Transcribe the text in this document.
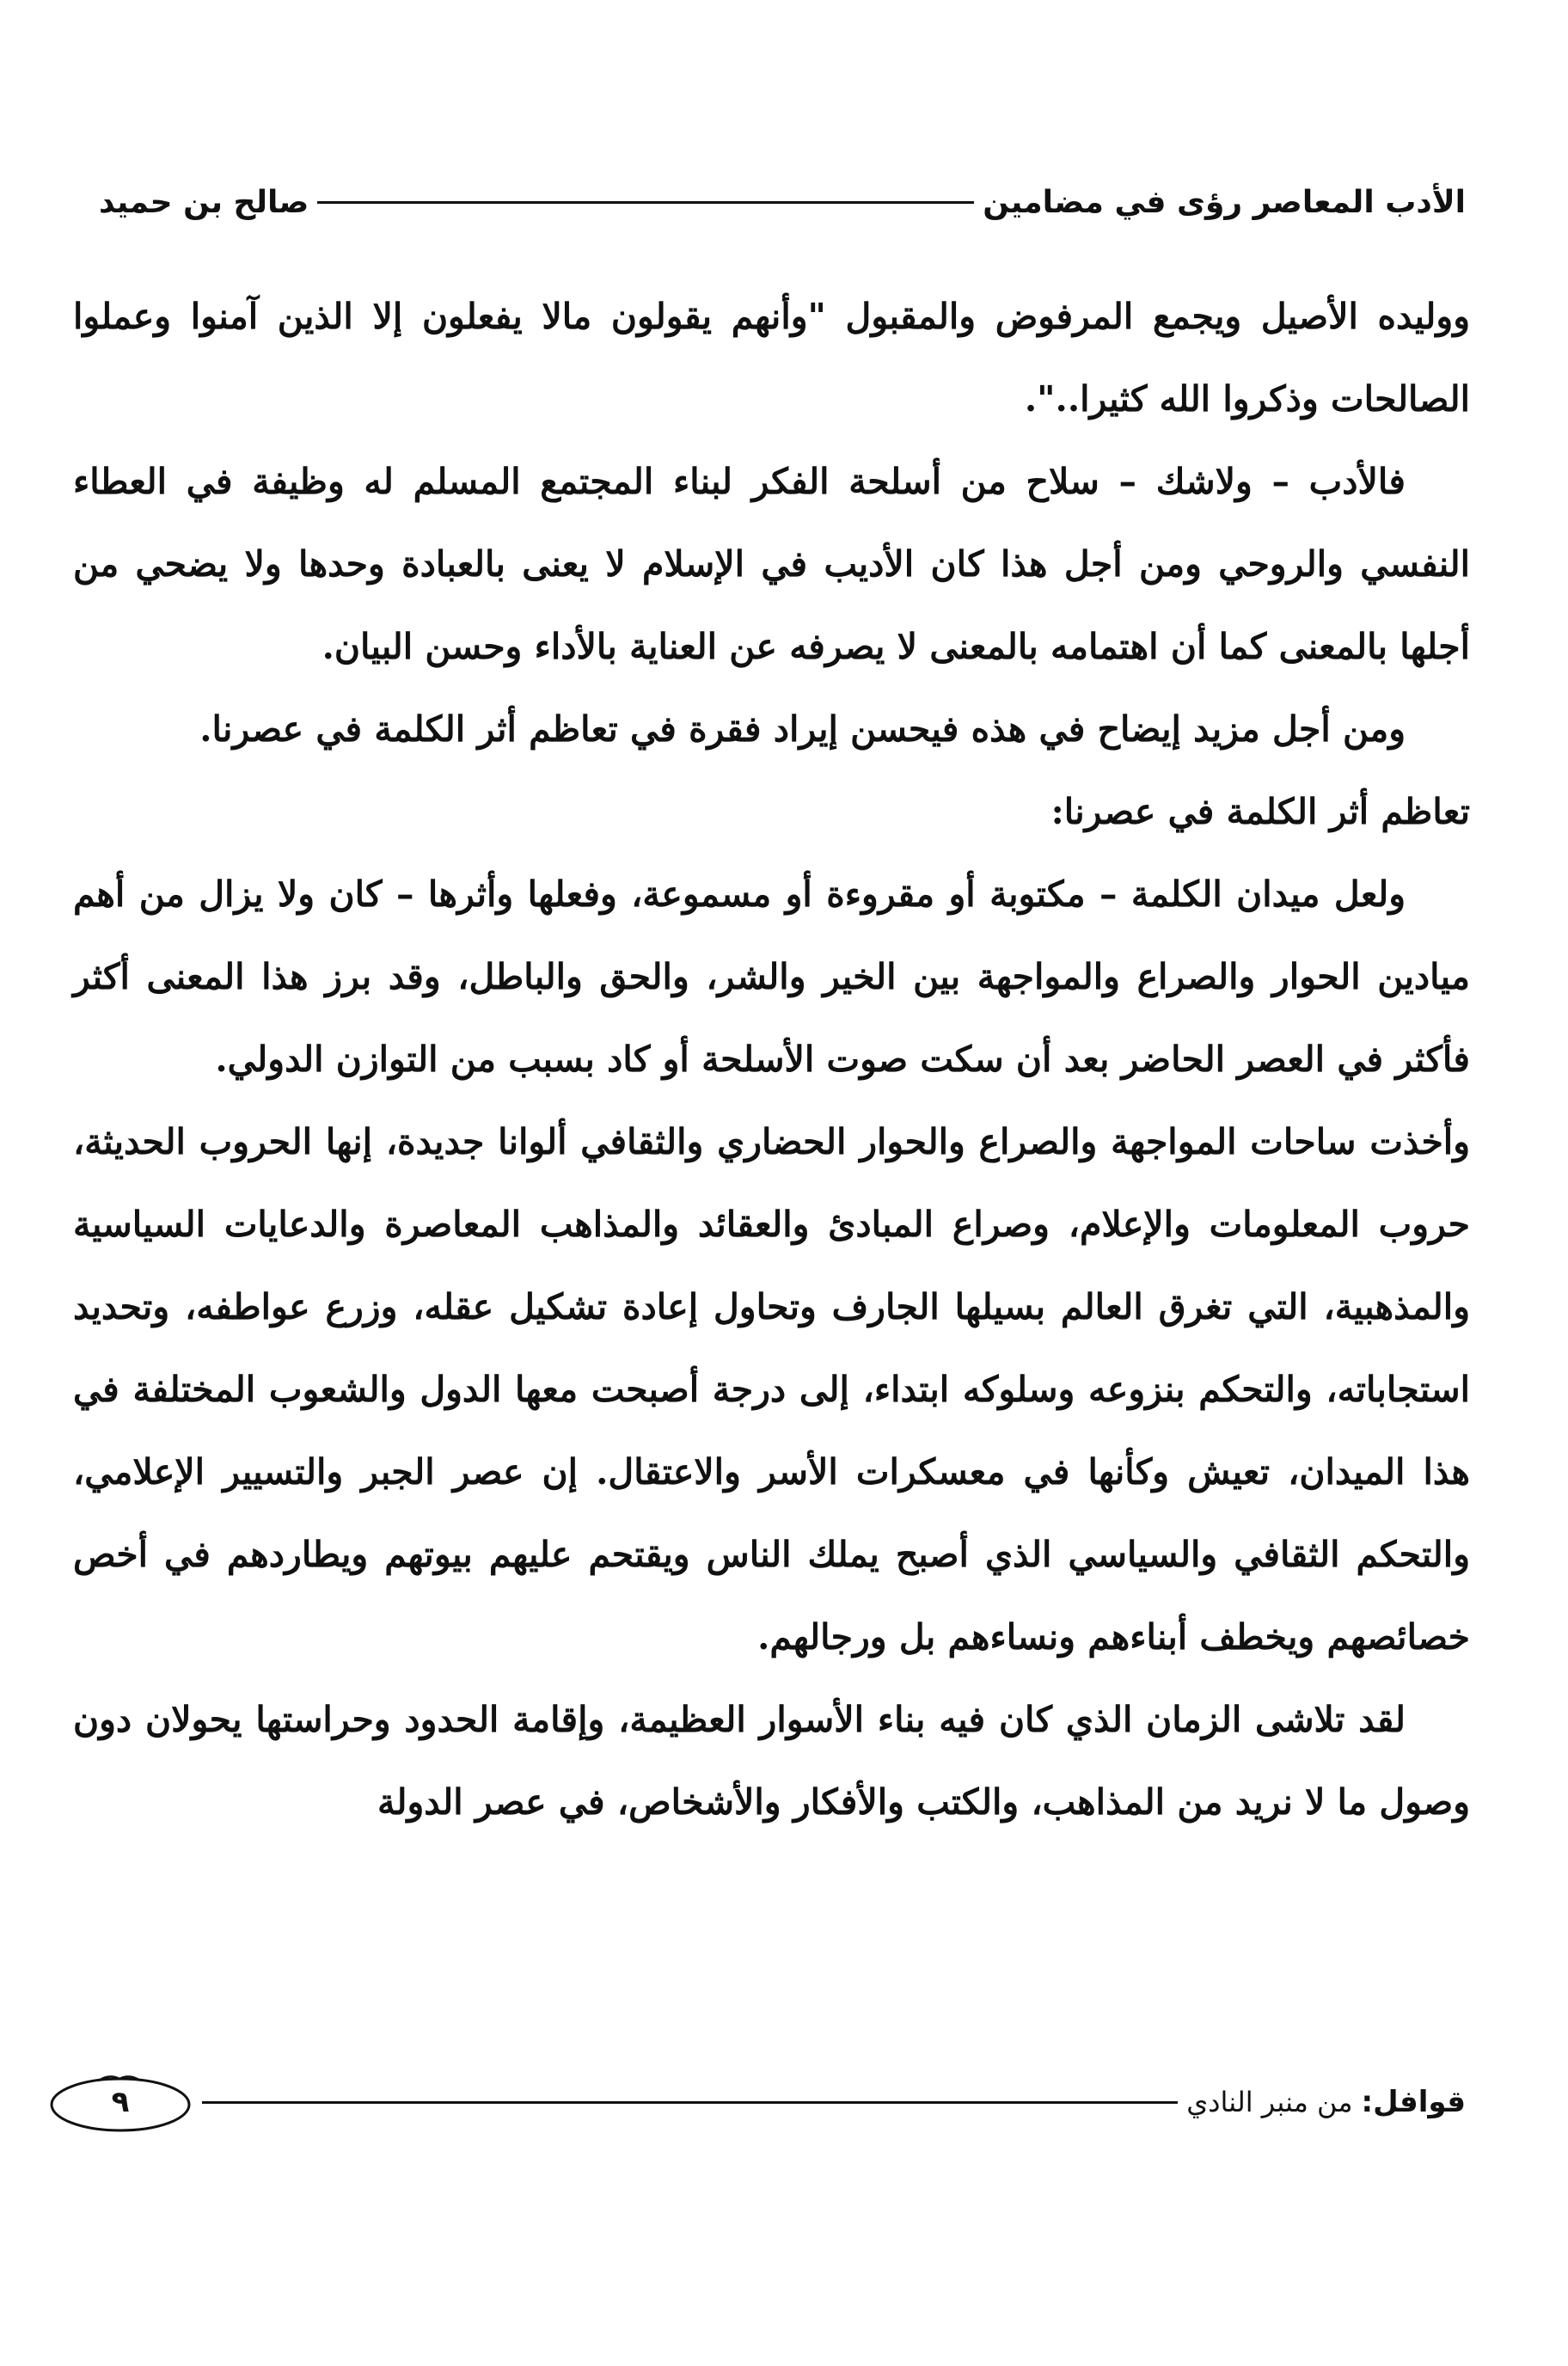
الأدب المعاصر رؤى في مضامين
صالح بن حميد

ووليده الأصيل ويجمع المرفوض والمقبول "وأنهم يقولون مالا يفعلون إلا الذين آمنوا وعملوا الصالحات وذكروا الله كثيرا..".

فالأدب – ولاشك – سلاح من أسلحة الفكر لبناء المجتمع المسلم له وظيفة في العطاء النفسي والروحي ومن أجل هذا كان الأديب في الإسلام لا يعنى بالعبادة وحدها ولا يضحي من أجلها بالمعنى كما أن اهتمامه بالمعنى لا يصرفه عن العناية بالأداء وحسن البيان.

ومن أجل مزيد إيضاح في هذه فيحسن إيراد فقرة في تعاظم أثر الكلمة في عصرنا.

تعاظم أثر الكلمة في عصرنا:

ولعل ميدان الكلمة – مكتوبة أو مقروءة أو مسموعة، وفعلها وأثرها – كان ولا يزال من أهم ميادين الحوار والصراع والمواجهة بين الخير والشر، والحق والباطل، وقد برز هذا المعنى أكثر فأكثر في العصر الحاضر بعد أن سكت صوت الأسلحة أو كاد بسبب من التوازن الدولي.

وأخذت ساحات المواجهة والصراع والحوار الحضاري والثقافي ألوانا جديدة، إنها الحروب الحديثة، حروب المعلومات والإعلام، وصراع المبادئ والعقائد والمذاهب المعاصرة والدعايات السياسية والمذهبية، التي تغرق العالم بسيلها الجارف وتحاول إعادة تشكيل عقله، وزرع عواطفه، وتحديد استجاباته، والتحكم بنزوعه وسلوكه ابتداء، إلى درجة أصبحت معها الدول والشعوب المختلفة في هذا الميدان، تعيش وكأنها في معسكرات الأسر والاعتقال. إن عصر الجبر والتسيير الإعلامي، والتحكم الثقافي والسياسي الذي أصبح يملك الناس ويقتحم عليهم بيوتهم ويطاردهم في أخص خصائصهم ويخطف أبناءهم ونساءهم بل ورجالهم.

لقد تلاشى الزمان الذي كان فيه بناء الأسوار العظيمة، وإقامة الحدود وحراستها يحولان دون وصول ما لا نريد من المذاهب، والكتب والأفكار والأشخاص، في عصر الدولة

قوافل:
من منبر النادي
٩
